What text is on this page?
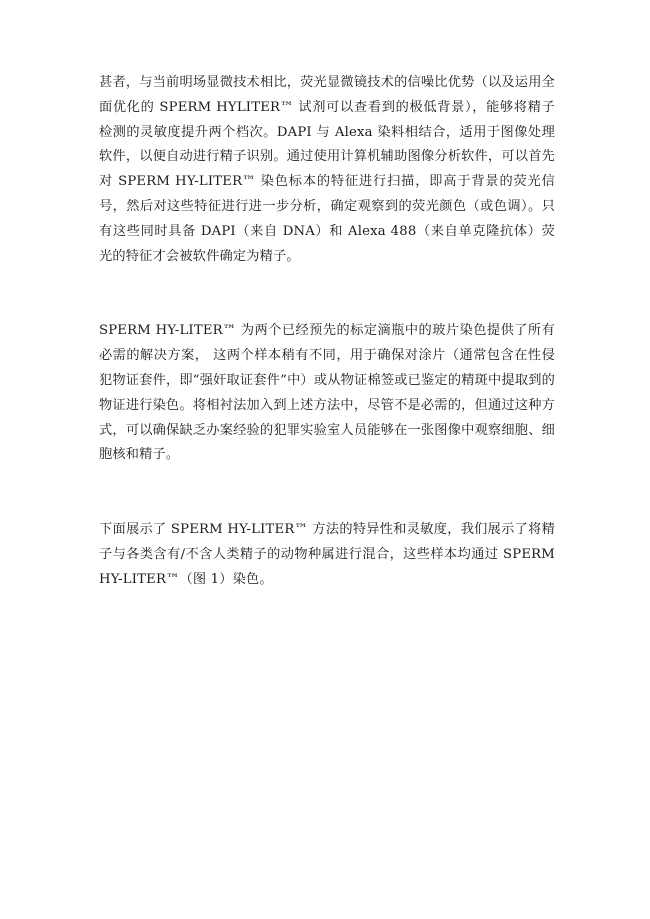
甚者，与当前明场显微技术相比，荧光显微镜技术的信噪比优势（以及运用全面优化的 SPERM HYLITER™ 试剂可以查看到的极低背景），能够将精子检测的灵敏度提升两个档次。DAPI 与 Alexa 染料相结合，适用于图像处理软件，以便自动进行精子识别。通过使用计算机辅助图像分析软件，可以首先对 SPERM HY-LITER™ 染色标本的特征进行扫描，即高于背景的荧光信号，然后对这些特征进行进一步分析，确定观察到的荧光颜色（或色调）。只有这些同时具备 DAPI（来自 DNA）和 Alexa 488（来自单克隆抗体）荧光的特征才会被软件确定为精子。

SPERM HY-LITER™ 为两个已经预先的标定滴瓶中的玻片染色提供了所有必需的解决方案， 这两个样本稍有不同，用于确保对涂片（通常包含在性侵犯物证套件，即“强奸取证套件”中）或从物证棉签或已鉴定的精斑中提取到的物证进行染色。将相衬法加入到上述方法中，尽管不是必需的，但通过这种方式，可以确保缺乏办案经验的犯罪实验室人员能够在一张图像中观察细胞、细胞核和精子。

下面展示了 SPERM HY-LITER™ 方法的特异性和灵敏度，我们展示了将精子与各类含有/不含人类精子的动物种属进行混合，这些样本均通过 SPERM HY-LITER™（图 1）染色。
